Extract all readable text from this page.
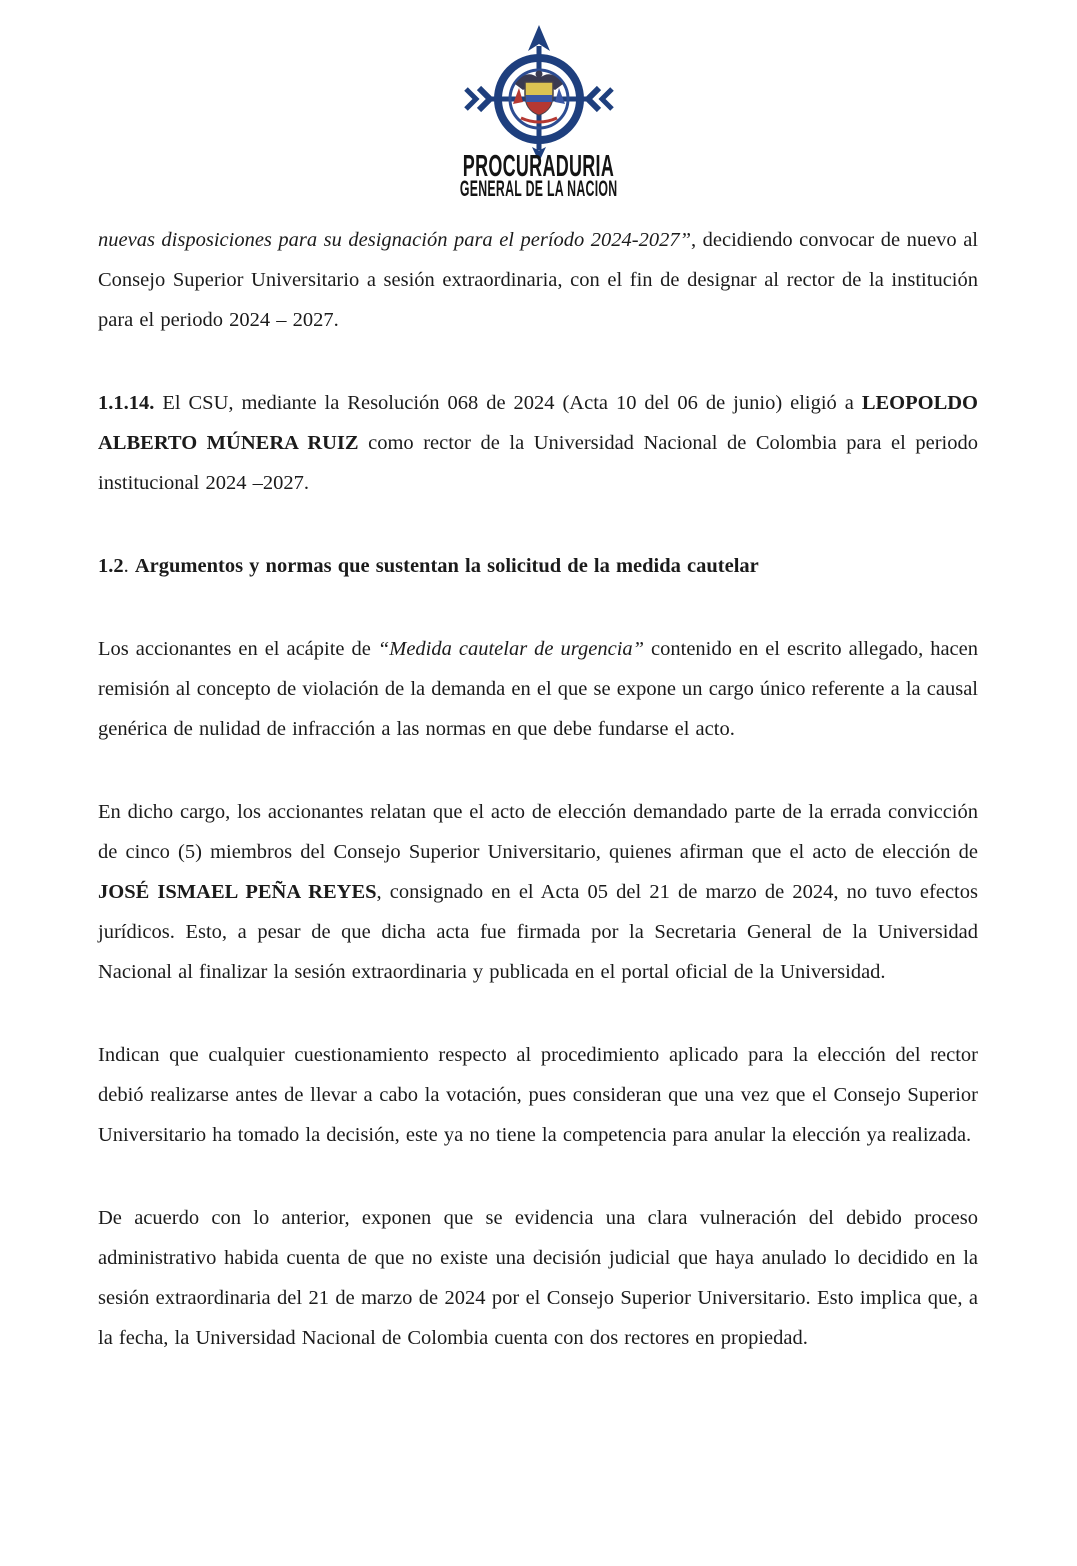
PROCURADURIA
GENERAL DE LA NACION

nuevas disposiciones para su designación para el período 2024-2027”, decidiendo convocar de nuevo al Consejo Superior Universitario a sesión extraordinaria, con el fin de designar al rector de la institución para el periodo 2024 – 2027.

1.1.14. El CSU, mediante la Resolución 068 de 2024 (Acta 10 del 06 de junio) eligió a LEOPOLDO ALBERTO MÚNERA RUIZ como rector de la Universidad Nacional de Colombia para el periodo institucional 2024 –2027.

1.2. Argumentos y normas que sustentan la solicitud de la medida cautelar

Los accionantes en el acápite de “Medida cautelar de urgencia” contenido en el escrito allegado, hacen remisión al concepto de violación de la demanda en el que se expone un cargo único referente a la causal genérica de nulidad de infracción a las normas en que debe fundarse el acto.

En dicho cargo, los accionantes relatan que el acto de elección demandado parte de la errada convicción de cinco (5) miembros del Consejo Superior Universitario, quienes afirman que el acto de elección de JOSÉ ISMAEL PEÑA REYES, consignado en el Acta 05 del 21 de marzo de 2024, no tuvo efectos jurídicos. Esto, a pesar de que dicha acta fue firmada por la Secretaria General de la Universidad Nacional al finalizar la sesión extraordinaria y publicada en el portal oficial de la Universidad.

Indican que cualquier cuestionamiento respecto al procedimiento aplicado para la elección del rector debió realizarse antes de llevar a cabo la votación, pues consideran que una vez que el Consejo Superior Universitario ha tomado la decisión, este ya no tiene la competencia para anular la elección ya realizada.

De acuerdo con lo anterior, exponen que se evidencia una clara vulneración del debido proceso administrativo habida cuenta de que no existe una decisión judicial que haya anulado lo decidido en la sesión extraordinaria del 21 de marzo de 2024 por el Consejo Superior Universitario. Esto implica que, a la fecha, la Universidad Nacional de Colombia cuenta con dos rectores en propiedad.
